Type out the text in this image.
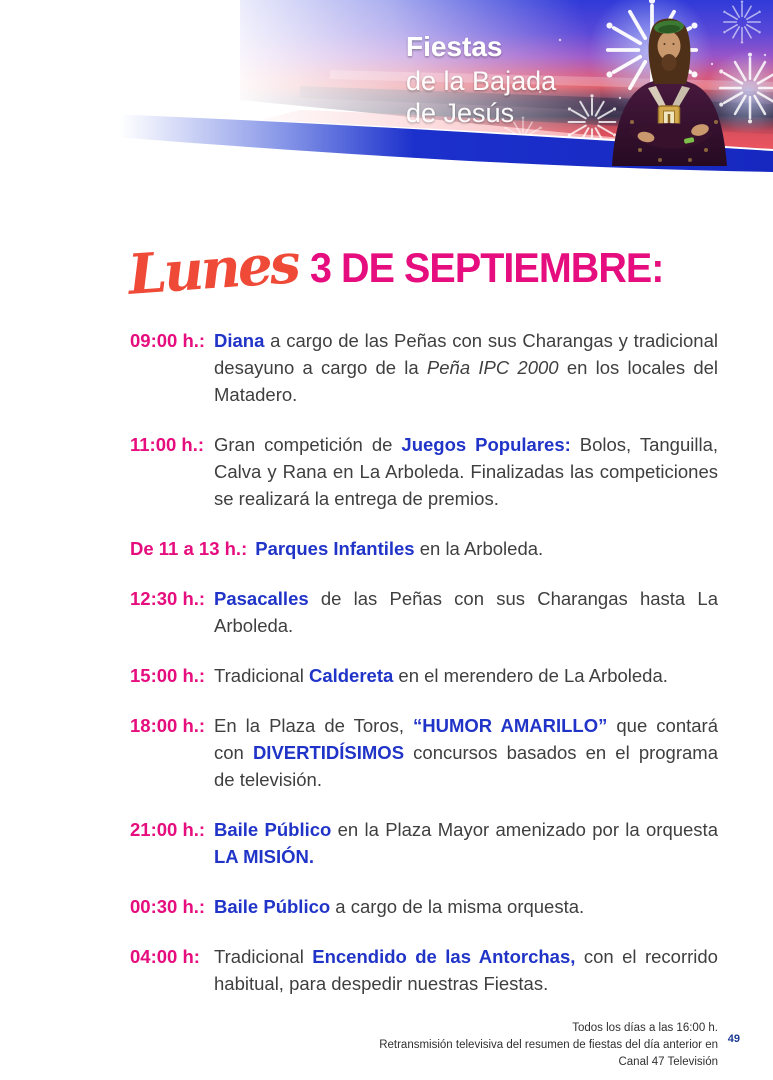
Fiestas
de la Bajada
de Jesús
Lunes 3 DE SEPTIEMBRE:
09:00 h.: Diana a cargo de las Peñas con sus Charangas y tradicional desayuno a cargo de la Peña IPC 2000 en los locales del Matadero.
11:00 h.: Gran competición de Juegos Populares: Bolos, Tanguilla, Calva y Rana en La Arboleda. Finalizadas las competiciones se realizará la entrega de premios.
De 11 a 13 h.: Parques Infantiles en la Arboleda.
12:30 h.: Pasacalles de las Peñas con sus Charangas hasta La Arboleda.
15:00 h.: Tradicional Caldereta en el merendero de La Arboleda.
18:00 h.: En la Plaza de Toros, “HUMOR AMARILLO” que contará con DIVERTIDÍSIMOS concursos basados en el programa de televisión.
21:00 h.: Baile Público en la Plaza Mayor amenizado por la orquesta LA MISIÓN.
00:30 h.: Baile Público a cargo de la misma orquesta.
04:00 h: Tradicional Encendido de las Antorchas, con el recorrido habitual, para despedir nuestras Fiestas.
Todos los días a las 16:00 h.
Retransmisión televisiva del resumen de fiestas del día anterior en
Canal 47 Televisión
49
